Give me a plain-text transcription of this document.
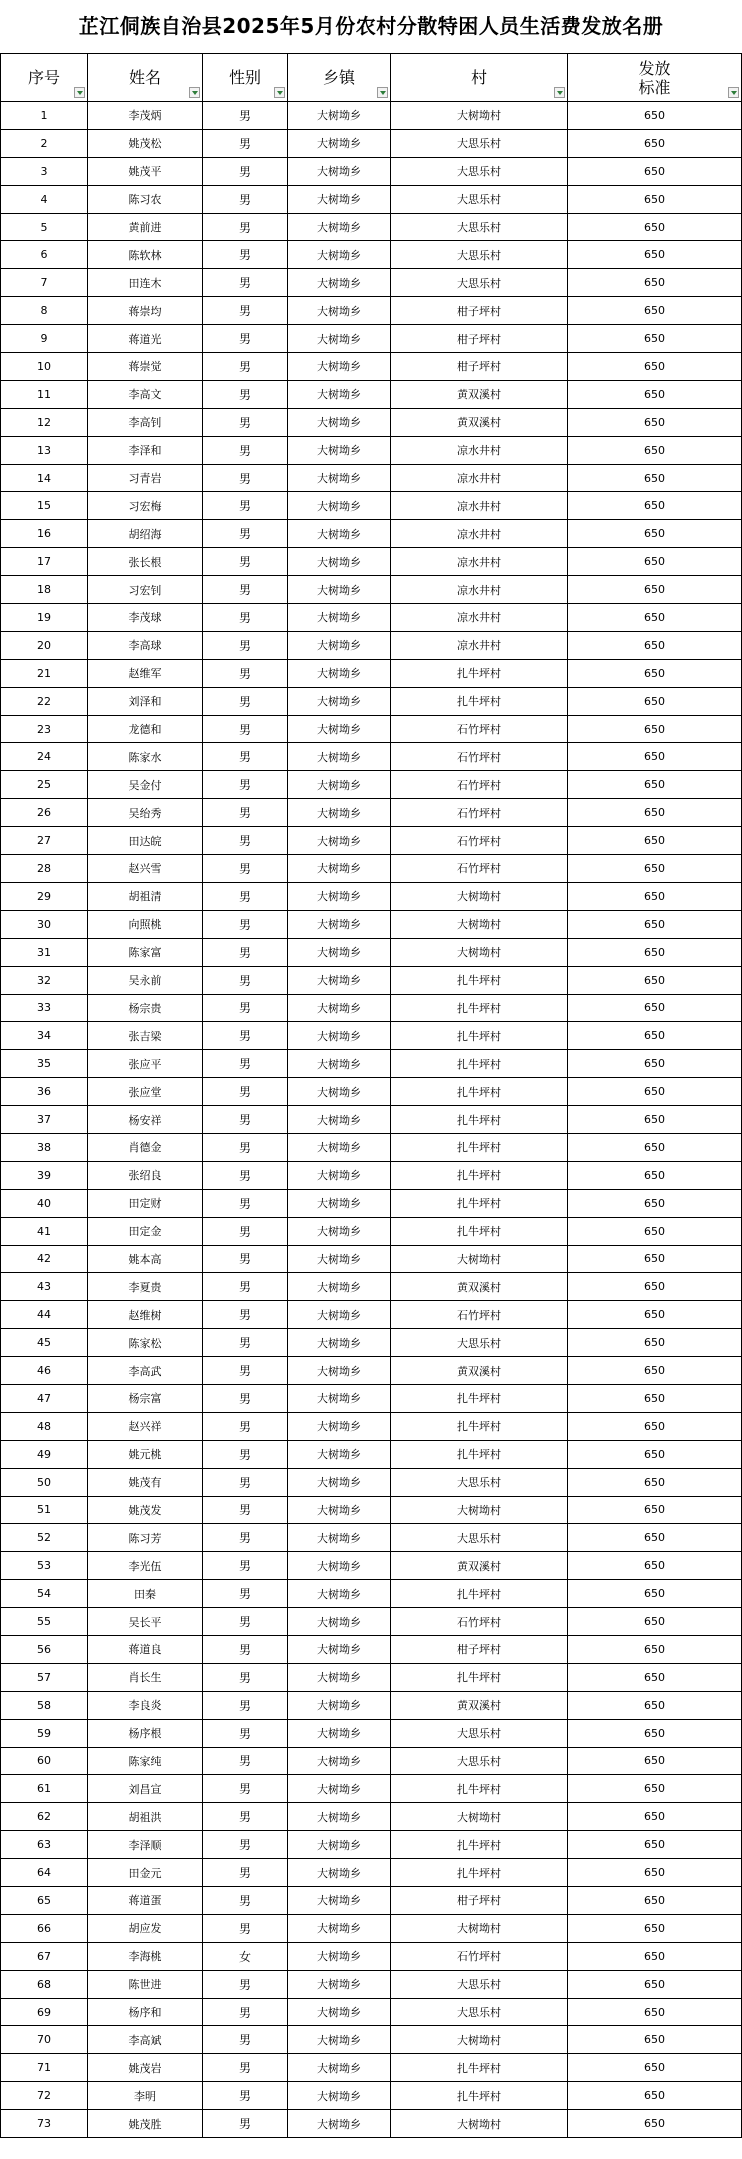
芷江侗族自治县2025年5月份农村分散特困人员生活费发放名册
序号	姓名	性别	乡镇	村	发放
标准

1	李茂炳	男	大树坳乡	大树坳村	650
2	姚茂松	男	大树坳乡	大思乐村	650
3	姚茂平	男	大树坳乡	大思乐村	650
4	陈习农	男	大树坳乡	大思乐村	650
5	黄前进	男	大树坳乡	大思乐村	650
6	陈软林	男	大树坳乡	大思乐村	650
7	田连木	男	大树坳乡	大思乐村	650
8	蒋崇均	男	大树坳乡	柑子坪村	650
9	蒋道光	男	大树坳乡	柑子坪村	650
10	蒋崇觉	男	大树坳乡	柑子坪村	650
11	李高文	男	大树坳乡	黄双溪村	650
12	李高钊	男	大树坳乡	黄双溪村	650
13	李泽和	男	大树坳乡	凉水井村	650
14	习青岩	男	大树坳乡	凉水井村	650
15	习宏梅	男	大树坳乡	凉水井村	650
16	胡绍海	男	大树坳乡	凉水井村	650
17	张长根	男	大树坳乡	凉水井村	650
18	习宏钊	男	大树坳乡	凉水井村	650
19	李茂球	男	大树坳乡	凉水井村	650
20	李高球	男	大树坳乡	凉水井村	650
21	赵维军	男	大树坳乡	扎牛坪村	650
22	刘泽和	男	大树坳乡	扎牛坪村	650
23	龙德和	男	大树坳乡	石竹坪村	650
24	陈家水	男	大树坳乡	石竹坪村	650
25	吴金付	男	大树坳乡	石竹坪村	650
26	吴绐秀	男	大树坳乡	石竹坪村	650
27	田达皖	男	大树坳乡	石竹坪村	650
28	赵兴雪	男	大树坳乡	石竹坪村	650
29	胡祖清	男	大树坳乡	大树坳村	650
30	向照桃	男	大树坳乡	大树坳村	650
31	陈家富	男	大树坳乡	大树坳村	650
32	吴永前	男	大树坳乡	扎牛坪村	650
33	杨宗贵	男	大树坳乡	扎牛坪村	650
34	张吉梁	男	大树坳乡	扎牛坪村	650
35	张应平	男	大树坳乡	扎牛坪村	650
36	张应堂	男	大树坳乡	扎牛坪村	650
37	杨安祥	男	大树坳乡	扎牛坪村	650
38	肖德金	男	大树坳乡	扎牛坪村	650
39	张绍良	男	大树坳乡	扎牛坪村	650
40	田定财	男	大树坳乡	扎牛坪村	650
41	田定金	男	大树坳乡	扎牛坪村	650
42	姚本高	男	大树坳乡	大树坳村	650
43	李夏贵	男	大树坳乡	黄双溪村	650
44	赵维树	男	大树坳乡	石竹坪村	650
45	陈家松	男	大树坳乡	大思乐村	650
46	李高武	男	大树坳乡	黄双溪村	650
47	杨宗富	男	大树坳乡	扎牛坪村	650
48	赵兴祥	男	大树坳乡	扎牛坪村	650
49	姚元桃	男	大树坳乡	扎牛坪村	650
50	姚茂有	男	大树坳乡	大思乐村	650
51	姚茂发	男	大树坳乡	大树坳村	650
52	陈习芳	男	大树坳乡	大思乐村	650
53	李光伍	男	大树坳乡	黄双溪村	650
54	田秦	男	大树坳乡	扎牛坪村	650
55	吴长平	男	大树坳乡	石竹坪村	650
56	蒋道良	男	大树坳乡	柑子坪村	650
57	肖长生	男	大树坳乡	扎牛坪村	650
58	李良炎	男	大树坳乡	黄双溪村	650
59	杨序根	男	大树坳乡	大思乐村	650
60	陈家纯	男	大树坳乡	大思乐村	650
61	刘昌宣	男	大树坳乡	扎牛坪村	650
62	胡祖洪	男	大树坳乡	大树坳村	650
63	李泽顺	男	大树坳乡	扎牛坪村	650
64	田金元	男	大树坳乡	扎牛坪村	650
65	蒋道蛋	男	大树坳乡	柑子坪村	650
66	胡应发	男	大树坳乡	大树坳村	650
67	李海桃	女	大树坳乡	石竹坪村	650
68	陈世进	男	大树坳乡	大思乐村	650
69	杨序和	男	大树坳乡	大思乐村	650
70	李高斌	男	大树坳乡	大树坳村	650
71	姚茂岩	男	大树坳乡	扎牛坪村	650
72	李明	男	大树坳乡	扎牛坪村	650
73	姚茂胜	男	大树坳乡	大树坳村	650
